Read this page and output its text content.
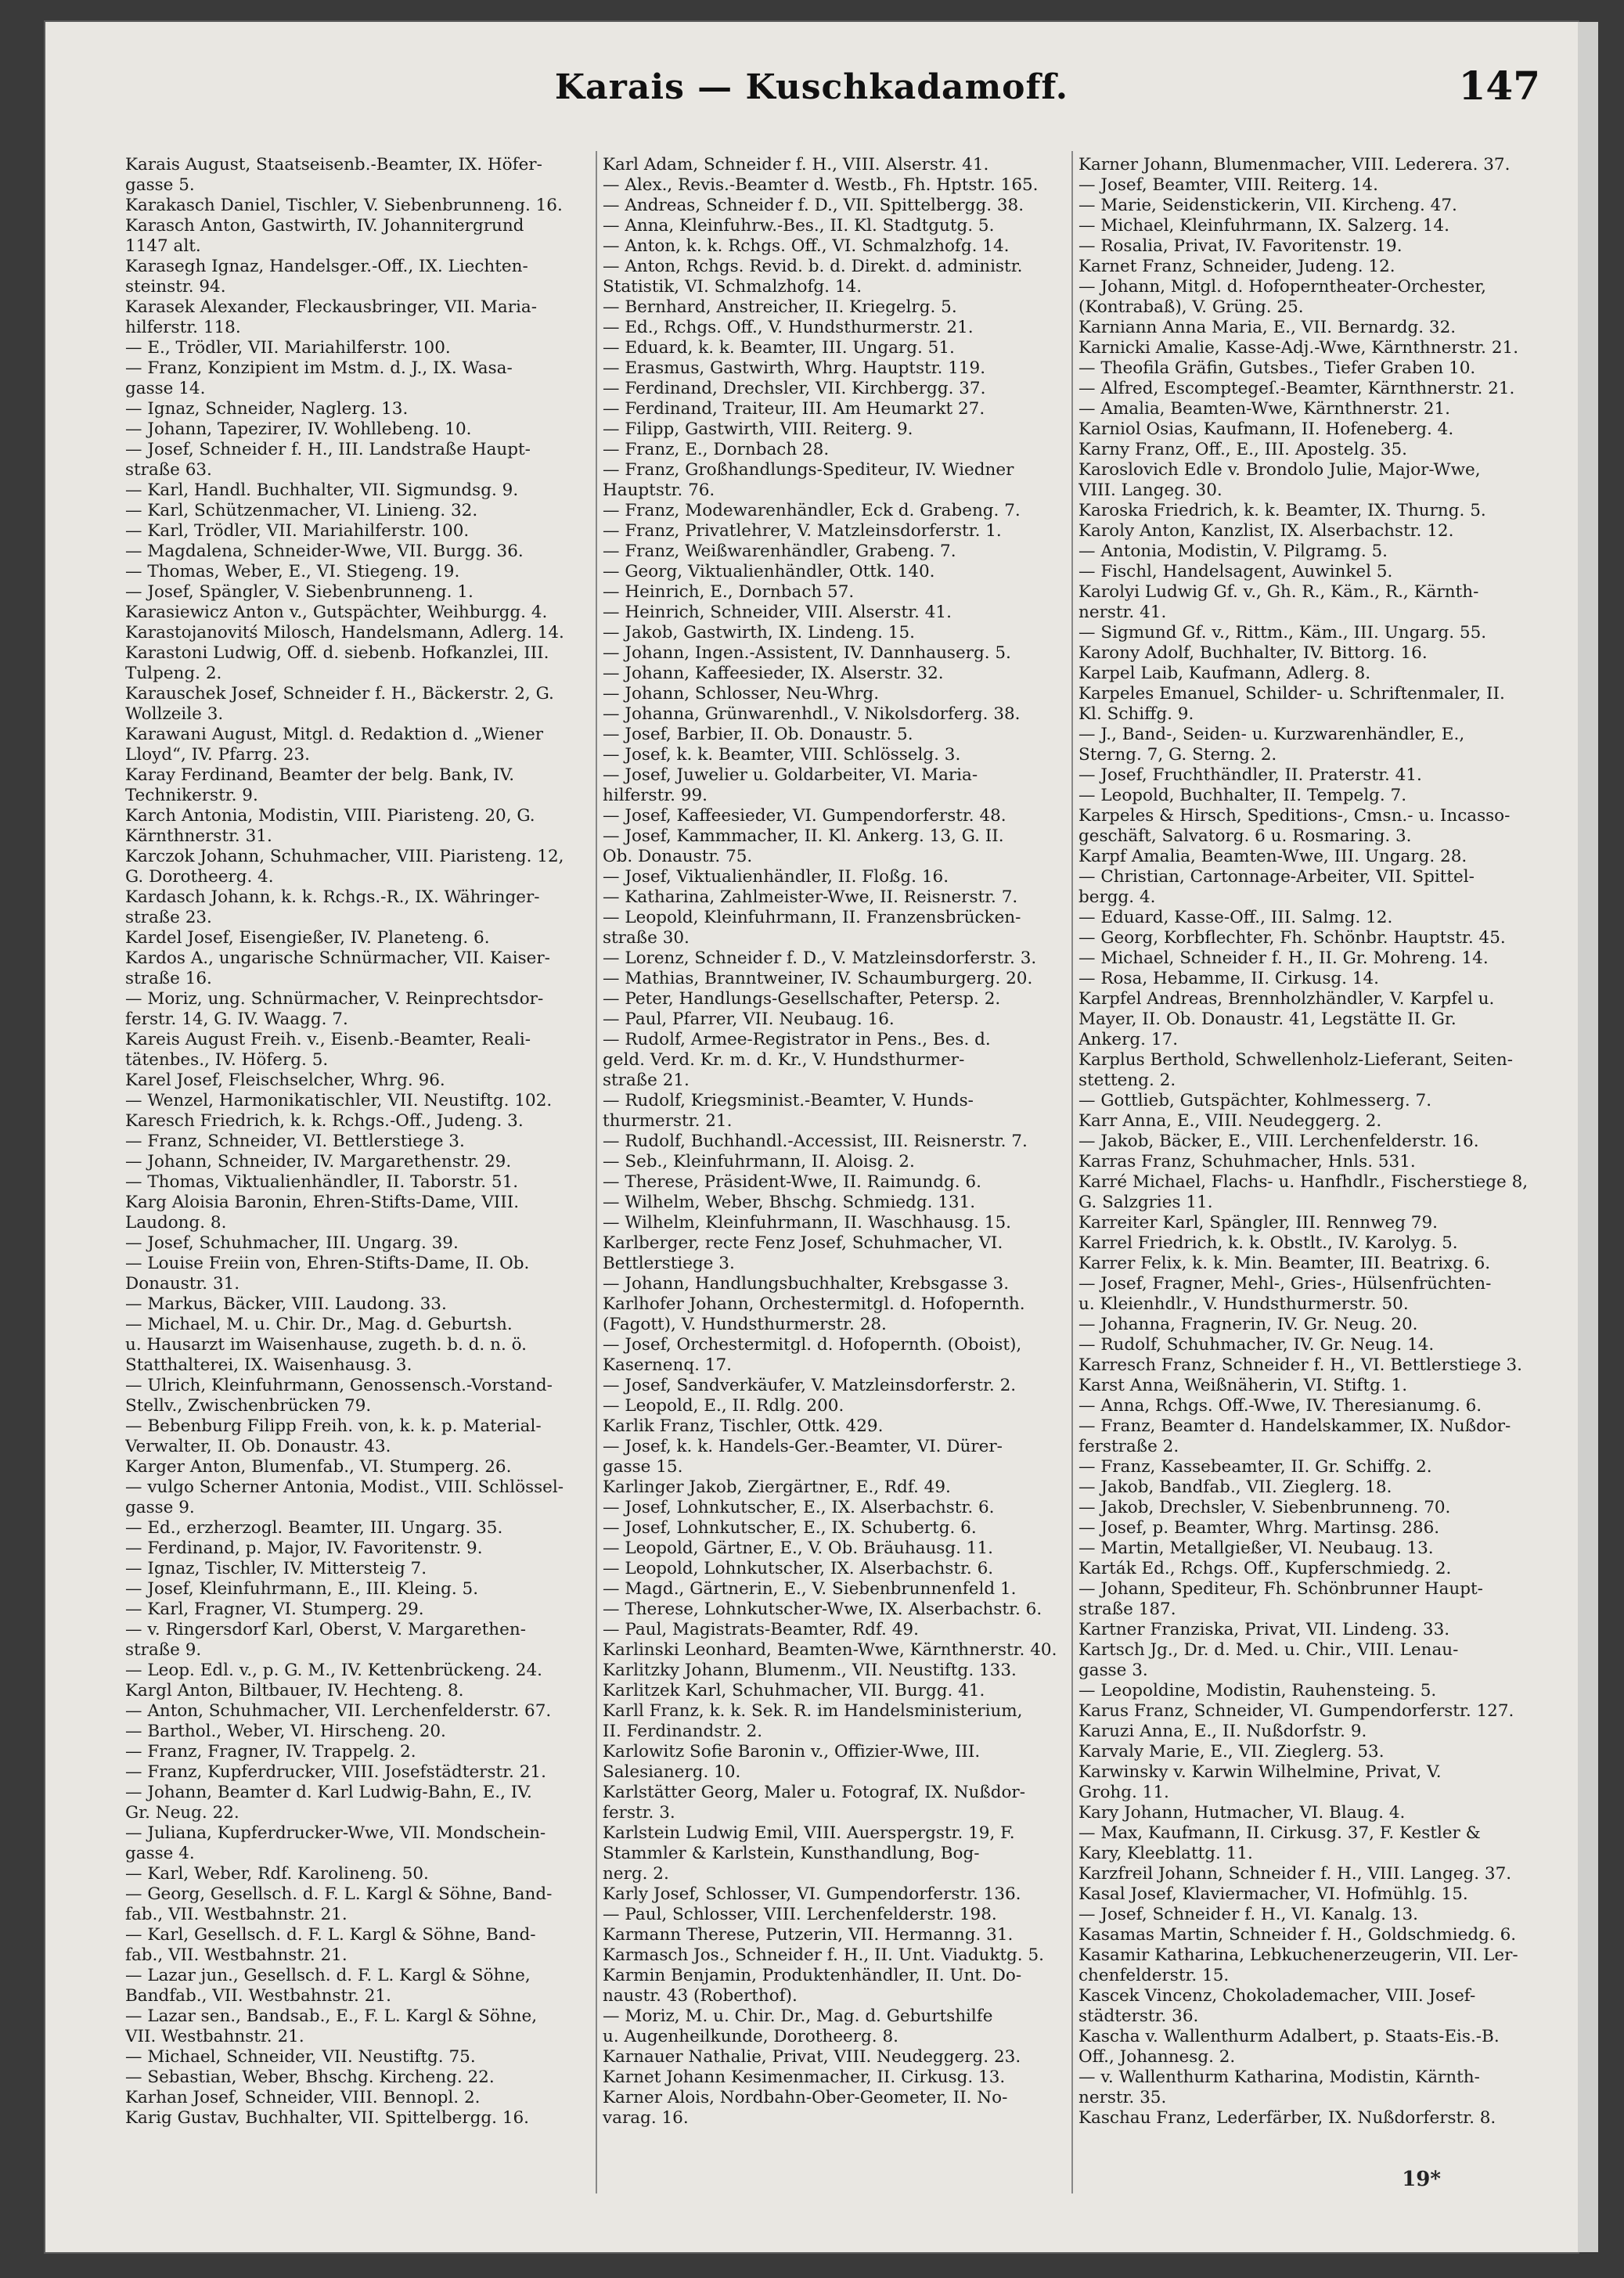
Karais — Kuschkadamoff.	147
Karais August, Staatseisenb.-Beamter, IX. Höfer-
gasse 5.
Karakasch Daniel, Tischler, V. Siebenbrunneng. 16.
Karasch Anton, Gastwirth, IV. Johannitergrund
1147 alt.
Karasegh Ignaz, Handelsger.-Off., IX. Liechten-
steinstr. 94.
Karasek Alexander, Fleckausbringer, VII. Maria-
hilferstr. 118.
— E., Trödler, VII. Mariahilferstr. 100.
— Franz, Konzipient im Mstm. d. J., IX. Wasa-
gasse 14.
— Ignaz, Schneider, Naglerg. 13.
— Johann, Tapezirer, IV. Wohllebeng. 10.
— Josef, Schneider f. H., III. Landstraße Haupt-
straße 63.
— Karl, Handl. Buchhalter, VII. Sigmundsg. 9.
— Karl, Schützenmacher, VI. Linieng. 32.
— Karl, Trödler, VII. Mariahilferstr. 100.
— Magdalena, Schneider-Wwe, VII. Burgg. 36.
— Thomas, Weber, E., VI. Stiegeng. 19.
— Josef, Spängler, V. Siebenbrunneng. 1.
Karasiewicz Anton v., Gutspächter, Weihburgg. 4.
Karastojanovitś Milosch, Handelsmann, Adlerg. 14.
Karastoni Ludwig, Off. d. siebenb. Hofkanzlei, III.
Tulpeng. 2.
Karauschek Josef, Schneider f. H., Bäckerstr. 2, G.
Wollzeile 3.
Karawani August, Mitgl. d. Redaktion d. „Wiener
Lloyd“, IV. Pfarrg. 23.
Karay Ferdinand, Beamter der belg. Bank, IV.
Technikerstr. 9.
Karch Antonia, Modistin, VIII. Piaristeng. 20, G.
Kärnthnerstr. 31.
Karczok Johann, Schuhmacher, VIII. Piaristeng. 12,
G. Dorotheerg. 4.
Kardasch Johann, k. k. Rchgs.-R., IX. Währinger-
straße 23.
Kardel Josef, Eisengießer, IV. Planeteng. 6.
Kardos A., ungarische Schnürmacher, VII. Kaiser-
straße 16.
— Moriz, ung. Schnürmacher, V. Reinprechtsdor-
ferstr. 14, G. IV. Waagg. 7.
Kareis August Freih. v., Eisenb.-Beamter, Reali-
tätenbes., IV. Höferg. 5.
Karel Josef, Fleischselcher, Whrg. 96.
— Wenzel, Harmonikatischler, VII. Neustiftg. 102.
Karesch Friedrich, k. k. Rchgs.-Off., Judeng. 3.
— Franz, Schneider, VI. Bettlerstiege 3.
— Johann, Schneider, IV. Margarethenstr. 29.
— Thomas, Viktualienhändler, II. Taborstr. 51.
Karg Aloisia Baronin, Ehren-Stifts-Dame, VIII.
Laudong. 8.
— Josef, Schuhmacher, III. Ungarg. 39.
— Louise Freiin von, Ehren-Stifts-Dame, II. Ob.
Donaustr. 31.
— Markus, Bäcker, VIII. Laudong. 33.
— Michael, M. u. Chir. Dr., Mag. d. Geburtsh.
u. Hausarzt im Waisenhause, zugeth. b. d. n. ö.
Statthalterei, IX. Waisenhausg. 3.
— Ulrich, Kleinfuhrmann, Genossensch.-Vorstand-
Stellv., Zwischenbrücken 79.
— Bebenburg Filipp Freih. von, k. k. p. Material-
Verwalter, II. Ob. Donaustr. 43.
Karger Anton, Blumenfab., VI. Stumperg. 26.
— vulgo Scherner Antonia, Modist., VIII. Schlössel-
gasse 9.
— Ed., erzherzogl. Beamter, III. Ungarg. 35.
— Ferdinand, p. Major, IV. Favoritenstr. 9.
— Ignaz, Tischler, IV. Mittersteig 7.
— Josef, Kleinfuhrmann, E., III. Kleing. 5.
— Karl, Fragner, VI. Stumperg. 29.
— v. Ringersdorf Karl, Oberst, V. Margarethen-
straße 9.
— Leop. Edl. v., p. G. M., IV. Kettenbrückeng. 24.
Kargl Anton, Biltbauer, IV. Hechteng. 8.
— Anton, Schuhmacher, VII. Lerchenfelderstr. 67.
— Barthol., Weber, VI. Hirscheng. 20.
— Franz, Fragner, IV. Trappelg. 2.
— Franz, Kupferdrucker, VIII. Josefstädterstr. 21.
— Johann, Beamter d. Karl Ludwig-Bahn, E., IV.
Gr. Neug. 22.
— Juliana, Kupferdrucker-Wwe, VII. Mondschein-
gasse 4.
— Karl, Weber, Rdf. Karolineng. 50.
— Georg, Gesellsch. d. F. L. Kargl & Söhne, Band-
fab., VII. Westbahnstr. 21.
— Karl, Gesellsch. d. F. L. Kargl & Söhne, Band-
fab., VII. Westbahnstr. 21.
— Lazar jun., Gesellsch. d. F. L. Kargl & Söhne,
Bandfab., VII. Westbahnstr. 21.
— Lazar sen., Bandsab., E., F. L. Kargl & Söhne,
VII. Westbahnstr. 21.
— Michael, Schneider, VII. Neustiftg. 75.
— Sebastian, Weber, Bhschg. Kircheng. 22.
Karhan Josef, Schneider, VIII. Bennopl. 2.
Karig Gustav, Buchhalter, VII. Spittelbergg. 16.
Karl Adam, Schneider f. H., VIII. Alserstr. 41.
— Alex., Revis.-Beamter d. Westb., Fh. Hptstr. 165.
— Andreas, Schneider f. D., VII. Spittelbergg. 38.
— Anna, Kleinfuhrw.-Bes., II. Kl. Stadtgutg. 5.
— Anton, k. k. Rchgs. Off., VI. Schmalzhofg. 14.
— Anton, Rchgs. Revid. b. d. Direkt. d. administr.
Statistik, VI. Schmalzhofg. 14.
— Bernhard, Anstreicher, II. Kriegelrg. 5.
— Ed., Rchgs. Off., V. Hundsthurmerstr. 21.
— Eduard, k. k. Beamter, III. Ungarg. 51.
— Erasmus, Gastwirth, Whrg. Hauptstr. 119.
— Ferdinand, Drechsler, VII. Kirchbergg. 37.
— Ferdinand, Traiteur, III. Am Heumarkt 27.
— Filipp, Gastwirth, VIII. Reiterg. 9.
— Franz, E., Dornbach 28.
— Franz, Großhandlungs-Spediteur, IV. Wiedner
Hauptstr. 76.
— Franz, Modewarenhändler, Eck d. Grabeng. 7.
— Franz, Privatlehrer, V. Matzleinsdorferstr. 1.
— Franz, Weißwarenhändler, Grabeng. 7.
— Georg, Viktualienhändler, Ottk. 140.
— Heinrich, E., Dornbach 57.
— Heinrich, Schneider, VIII. Alserstr. 41.
— Jakob, Gastwirth, IX. Lindeng. 15.
— Johann, Ingen.-Assistent, IV. Dannhauserg. 5.
— Johann, Kaffeesieder, IX. Alserstr. 32.
— Johann, Schlosser, Neu-Whrg.
— Johanna, Grünwarenhdl., V. Nikolsdorferg. 38.
— Josef, Barbier, II. Ob. Donaustr. 5.
— Josef, k. k. Beamter, VIII. Schlösselg. 3.
— Josef, Juwelier u. Goldarbeiter, VI. Maria-
hilferstr. 99.
— Josef, Kaffeesieder, VI. Gumpendorferstr. 48.
— Josef, Kammmacher, II. Kl. Ankerg. 13, G. II.
Ob. Donaustr. 75.
— Josef, Viktualienhändler, II. Floßg. 16.
— Katharina, Zahlmeister-Wwe, II. Reisnerstr. 7.
— Leopold, Kleinfuhrmann, II. Franzensbrücken-
straße 30.
— Lorenz, Schneider f. D., V. Matzleinsdorferstr. 3.
— Mathias, Branntweiner, IV. Schaumburgerg. 20.
— Peter, Handlungs-Gesellschafter, Petersp. 2.
— Paul, Pfarrer, VII. Neubaug. 16.
— Rudolf, Armee-Registrator in Pens., Bes. d.
geld. Verd. Kr. m. d. Kr., V. Hundsthurmer-
straße 21.
— Rudolf, Kriegsminist.-Beamter, V. Hunds-
thurmerstr. 21.
— Rudolf, Buchhandl.-Accessist, III. Reisnerstr. 7.
— Seb., Kleinfuhrmann, II. Aloisg. 2.
— Therese, Präsident-Wwe, II. Raimundg. 6.
— Wilhelm, Weber, Bhschg. Schmiedg. 131.
— Wilhelm, Kleinfuhrmann, II. Waschhausg. 15.
Karlberger, recte Fenz Josef, Schuhmacher, VI.
Bettlerstiege 3.
— Johann, Handlungsbuchhalter, Krebsgasse 3.
Karlhofer Johann, Orchestermitgl. d. Hofopernth.
(Fagott), V. Hundsthurmerstr. 28.
— Josef, Orchestermitgl. d. Hofopernth. (Oboist),
Kasernenq. 17.
— Josef, Sandverkäufer, V. Matzleinsdorferstr. 2.
— Leopold, E., II. Rdlg. 200.
Karlik Franz, Tischler, Ottk. 429.
— Josef, k. k. Handels-Ger.-Beamter, VI. Dürer-
gasse 15.
Karlinger Jakob, Ziergärtner, E., Rdf. 49.
— Josef, Lohnkutscher, E., IX. Alserbachstr. 6.
— Josef, Lohnkutscher, E., IX. Schubertg. 6.
— Leopold, Gärtner, E., V. Ob. Bräuhausg. 11.
— Leopold, Lohnkutscher, IX. Alserbachstr. 6.
— Magd., Gärtnerin, E., V. Siebenbrunnenfeld 1.
— Therese, Lohnkutscher-Wwe, IX. Alserbachstr. 6.
— Paul, Magistrats-Beamter, Rdf. 49.
Karlinski Leonhard, Beamten-Wwe, Kärnthnerstr. 40.
Karlitzky Johann, Blumenm., VII. Neustiftg. 133.
Karlitzek Karl, Schuhmacher, VII. Burgg. 41.
Karll Franz, k. k. Sek. R. im Handelsministerium,
II. Ferdinandstr. 2.
Karlowitz Sofie Baronin v., Offizier-Wwe, III.
Salesianerg. 10.
Karlstätter Georg, Maler u. Fotograf, IX. Nußdor-
ferstr. 3.
Karlstein Ludwig Emil, VIII. Auerspergstr. 19, F.
Stammler & Karlstein, Kunsthandlung, Bog-
nerg. 2.
Karly Josef, Schlosser, VI. Gumpendorferstr. 136.
— Paul, Schlosser, VIII. Lerchenfelderstr. 198.
Karmann Therese, Putzerin, VII. Hermanng. 31.
Karmasch Jos., Schneider f. H., II. Unt. Viaduktg. 5.
Karmin Benjamin, Produktenhändler, II. Unt. Do-
naustr. 43 (Roberthof).
— Moriz, M. u. Chir. Dr., Mag. d. Geburtshilfe
u. Augenheilkunde, Dorotheerg. 8.
Karnauer Nathalie, Privat, VIII. Neudeggerg. 23.
Karnet Johann Kesimenmacher, II. Cirkusg. 13.
Karner Alois, Nordbahn-Ober-Geometer, II. No-
varag. 16.
Karner Johann, Blumenmacher, VIII. Lederera. 37.
— Josef, Beamter, VIII. Reiterg. 14.
— Marie, Seidenstickerin, VII. Kircheng. 47.
— Michael, Kleinfuhrmann, IX. Salzerg. 14.
— Rosalia, Privat, IV. Favoritenstr. 19.
Karnet Franz, Schneider, Judeng. 12.
— Johann, Mitgl. d. Hofoperntheater-Orchester,
(Kontrabaß), V. Grüng. 25.
Karniann Anna Maria, E., VII. Bernardg. 32.
Karnicki Amalie, Kasse-Adj.-Wwe, Kärnthnerstr. 21.
— Theofila Gräfin, Gutsbes., Tiefer Graben 10.
— Alfred, Escomptegeſ.-Beamter, Kärnthnerstr. 21.
— Amalia, Beamten-Wwe, Kärnthnerstr. 21.
Karniol Osias, Kaufmann, II. Hofeneberg. 4.
Karny Franz, Off., E., III. Apostelg. 35.
Karoslovich Edle v. Brondolo Julie, Major-Wwe,
VIII. Langeg. 30.
Karoska Friedrich, k. k. Beamter, IX. Thurng. 5.
Karoly Anton, Kanzlist, IX. Alserbachstr. 12.
— Antonia, Modistin, V. Pilgramg. 5.
— Fischl, Handelsagent, Auwinkel 5.
Karolyi Ludwig Gf. v., Gh. R., Käm., R., Kärnth-
nerstr. 41.
— Sigmund Gf. v., Rittm., Käm., III. Ungarg. 55.
Karony Adolf, Buchhalter, IV. Bittorg. 16.
Karpel Laib, Kaufmann, Adlerg. 8.
Karpeles Emanuel, Schilder- u. Schriftenmaler, II.
Kl. Schiffg. 9.
— J., Band-, Seiden- u. Kurzwarenhändler, E.,
Sterng. 7, G. Sterng. 2.
— Josef, Fruchthändler, II. Praterstr. 41.
— Leopold, Buchhalter, II. Tempelg. 7.
Karpeles & Hirsch, Speditions-, Cmsn.- u. Incasso-
geschäft, Salvatorg. 6 u. Rosmaring. 3.
Karpf Amalia, Beamten-Wwe, III. Ungarg. 28.
— Christian, Cartonnage-Arbeiter, VII. Spittel-
bergg. 4.
— Eduard, Kasse-Off., III. Salmg. 12.
— Georg, Korbflechter, Fh. Schönbr. Hauptstr. 45.
— Michael, Schneider f. H., II. Gr. Mohreng. 14.
— Rosa, Hebamme, II. Cirkusg. 14.
Karpfel Andreas, Brennholzhändler, V. Karpfel u.
Mayer, II. Ob. Donaustr. 41, Legstätte II. Gr.
Ankerg. 17.
Karplus Berthold, Schwellenholz-Lieferant, Seiten-
stetteng. 2.
— Gottlieb, Gutspächter, Kohlmesserg. 7.
Karr Anna, E., VIII. Neudeggerg. 2.
— Jakob, Bäcker, E., VIII. Lerchenfelderstr. 16.
Karras Franz, Schuhmacher, Hnls. 531.
Karré Michael, Flachs- u. Hanfhdlr., Fischerstiege 8,
G. Salzgries 11.
Karreiter Karl, Spängler, III. Rennweg 79.
Karrel Friedrich, k. k. Obstlt., IV. Karolyg. 5.
Karrer Felix, k. k. Min. Beamter, III. Beatrixg. 6.
— Josef, Fragner, Mehl-, Gries-, Hülsenfrüchten-
u. Kleienhdlr., V. Hundsthurmerstr. 50.
— Johanna, Fragnerin, IV. Gr. Neug. 20.
— Rudolf, Schuhmacher, IV. Gr. Neug. 14.
Karresch Franz, Schneider f. H., VI. Bettlerstiege 3.
Karst Anna, Weißnäherin, VI. Stiftg. 1.
— Anna, Rchgs. Off.-Wwe, IV. Theresianumg. 6.
— Franz, Beamter d. Handelskammer, IX. Nußdor-
ferstraße 2.
— Franz, Kassebeamter, II. Gr. Schiffg. 2.
— Jakob, Bandfab., VII. Zieglerg. 18.
— Jakob, Drechsler, V. Siebenbrunneng. 70.
— Josef, p. Beamter, Whrg. Martinsg. 286.
— Martin, Metallgießer, VI. Neubaug. 13.
Karták Ed., Rchgs. Off., Kupferschmiedg. 2.
— Johann, Spediteur, Fh. Schönbrunner Haupt-
straße 187.
Kartner Franziska, Privat, VII. Lindeng. 33.
Kartsch Jg., Dr. d. Med. u. Chir., VIII. Lenau-
gasse 3.
— Leopoldine, Modistin, Rauhensteing. 5.
Karus Franz, Schneider, VI. Gumpendorferstr. 127.
Karuzi Anna, E., II. Nußdorfstr. 9.
Karvaly Marie, E., VII. Zieglerg. 53.
Karwinsky v. Karwin Wilhelmine, Privat, V.
Grohg. 11.
Kary Johann, Hutmacher, VI. Blaug. 4.
— Max, Kaufmann, II. Cirkusg. 37, F. Kestler &
Kary, Kleeblattg. 11.
Karzfreil Johann, Schneider f. H., VIII. Langeg. 37.
Kasal Josef, Klaviermacher, VI. Hofmühlg. 15.
— Josef, Schneider f. H., VI. Kanalg. 13.
Kasamas Martin, Schneider f. H., Goldschmiedg. 6.
Kasamir Katharina, Lebkuchenerzeugerin, VII. Ler-
chenfelderstr. 15.
Kascek Vincenz, Chokolademacher, VIII. Josef-
städterstr. 36.
Kascha v. Wallenthurm Adalbert, p. Staats-Eis.-B.
Off., Johannesg. 2.
— v. Wallenthurm Katharina, Modistin, Kärnth-
nerstr. 35.
Kaschau Franz, Lederfärber, IX. Nußdorferstr. 8.
19*
